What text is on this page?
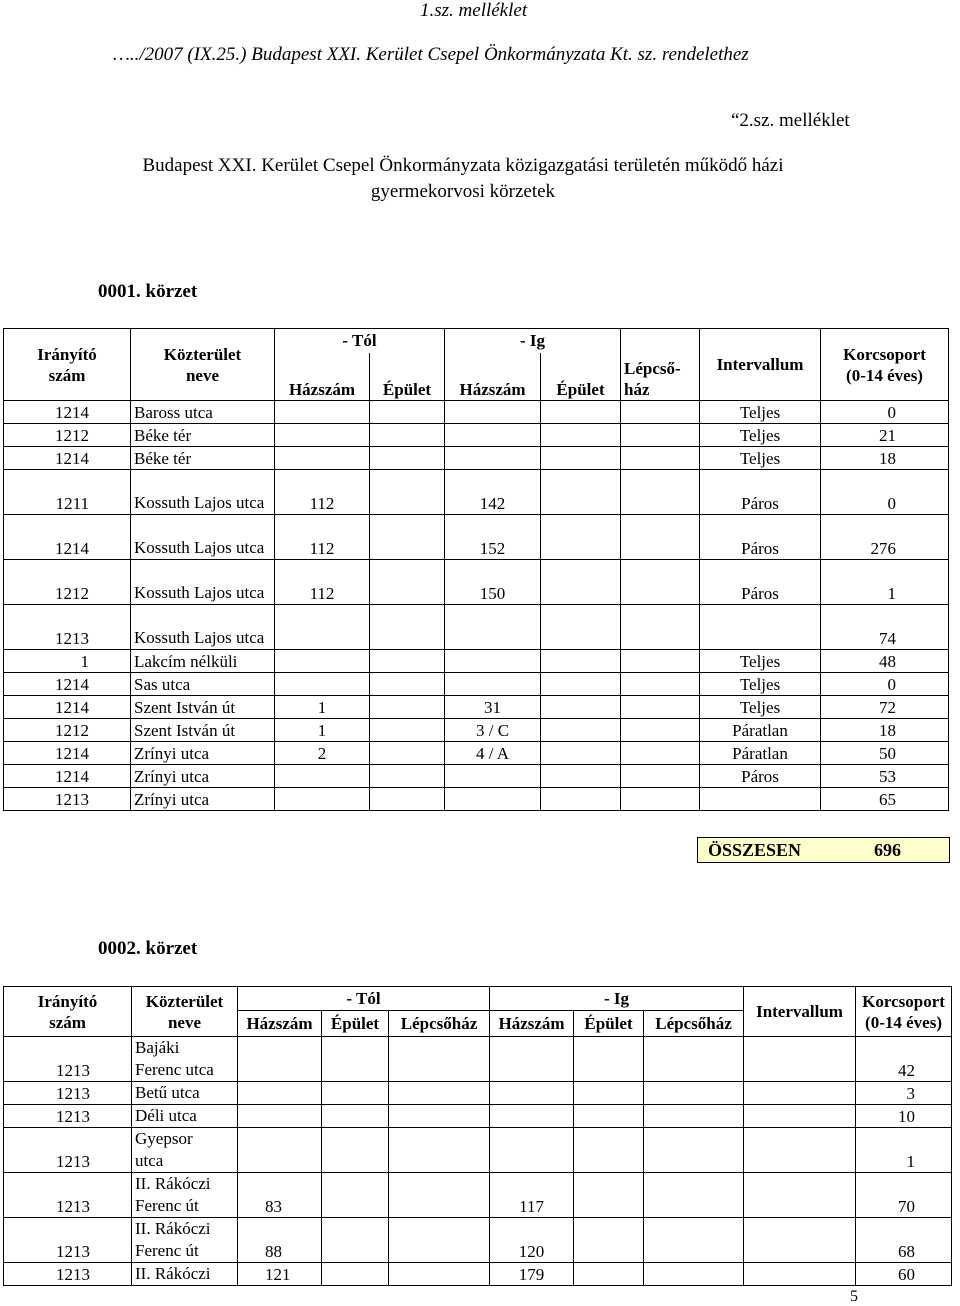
1.sz. melléklet
…../2007 (IX.25.) Budapest XXI. Kerület Csepel Önkormányzata Kt. sz. rendelethez
“2.sz. melléklet
Budapest XXI. Kerület Csepel Önkormányzata közigazgatási területén működő házi
gyermekorvosi körzetek
0001. körzet
Irányító
szám	Közterület
neve	- Tól		- Ig		Lépcső-
ház	Intervallum	Korcsoport
(0-14 éves)
		Házszám	Épület	Házszám	Épület			
1214	Baross utca						Teljes	0
1212	Béke tér						Teljes	21
1214	Béke tér						Teljes	18
1211	Kossuth Lajos utca	112		142			Páros	0
1214	Kossuth Lajos utca	112		152			Páros	276
1212	Kossuth Lajos utca	112		150			Páros	1
1213	Kossuth Lajos utca							74
1	Lakcím nélküli						Teljes	48
1214	Sas utca						Teljes	0
1214	Szent István út	1		31			Teljes	72
1212	Szent István út	1		3 / C			Páratlan	18
1214	Zrínyi utca	2		4 / A			Páratlan	50
1214	Zrínyi utca						Páros	53
1213	Zrínyi utca							65
ÖSSZESEN	696
0002. körzet
Irányító
szám	Közterület
neve	- Tól			- Ig			Intervallum	Korcsoport
(0-14 éves)
		Házszám	Épület	Lépcsőház	Házszám	Épület	Lépcsőház		
1213	Bajáki
Ferenc utca								42
1213	Betű utca								3
1213	Déli utca								10
1213	Gyepsor
utca								1
1213	II. Rákóczi
Ferenc út	83			117				70
1213	II. Rákóczi
Ferenc út	88			120				68
1213	II. Rákóczi	121			179				60
5
